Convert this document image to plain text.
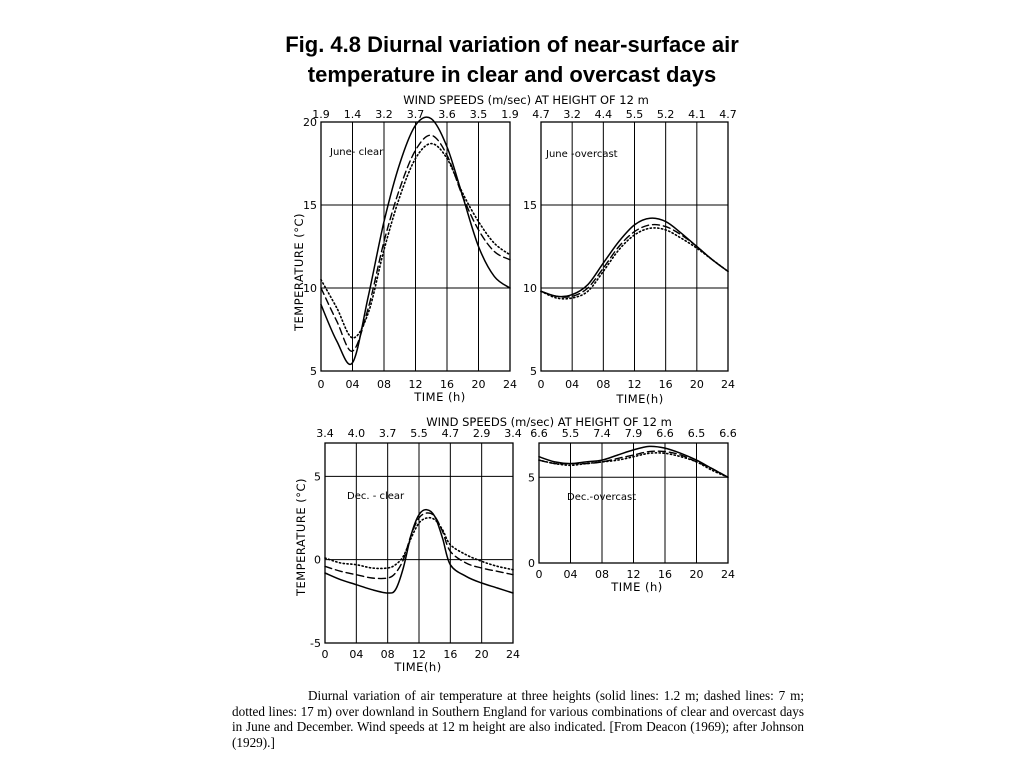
Fig. 4.8 Diurnal variation of near-surface air
temperature in clear and overcast days
20
15
10
5
0 04 08 12 16 20 24
1.9 1.4 3.2 3.7 3.6 3.5 1.9
TIME (h)
June- clear
15
10
5
0 04 08 12 16 20 24
4.7 3.2 4.4 5.5 5.2 4.1 4.7
TIME(h)
June -overcast
5
0
-5
0 04 08 12 16 20 24
3.4 4.0 3.7 5.5 4.7 2.9 3.4
TIME(h)
Dec. - clear
5
0
0 04 08 12 16 20 24
6.6 5.5 7.4 7.9 6.6 6.5 6.6
TIME (h)
Dec.-overcast
WIND SPEEDS (m/sec) AT HEIGHT OF 12 m
WIND SPEEDS (m/sec) AT HEIGHT OF 12 m
TEMPERATURE (°C)
TEMPERATURE (°C)

Diurnal variation of air temperature at three heights (solid lines: 1.2 m; dashed lines: 7 m; dotted lines: 17 m) over downland in Southern England for various combinations of clear and overcast days in June and December. Wind speeds at 12 m height are also indicated. [From Deacon (1969); after Johnson (1929).]
